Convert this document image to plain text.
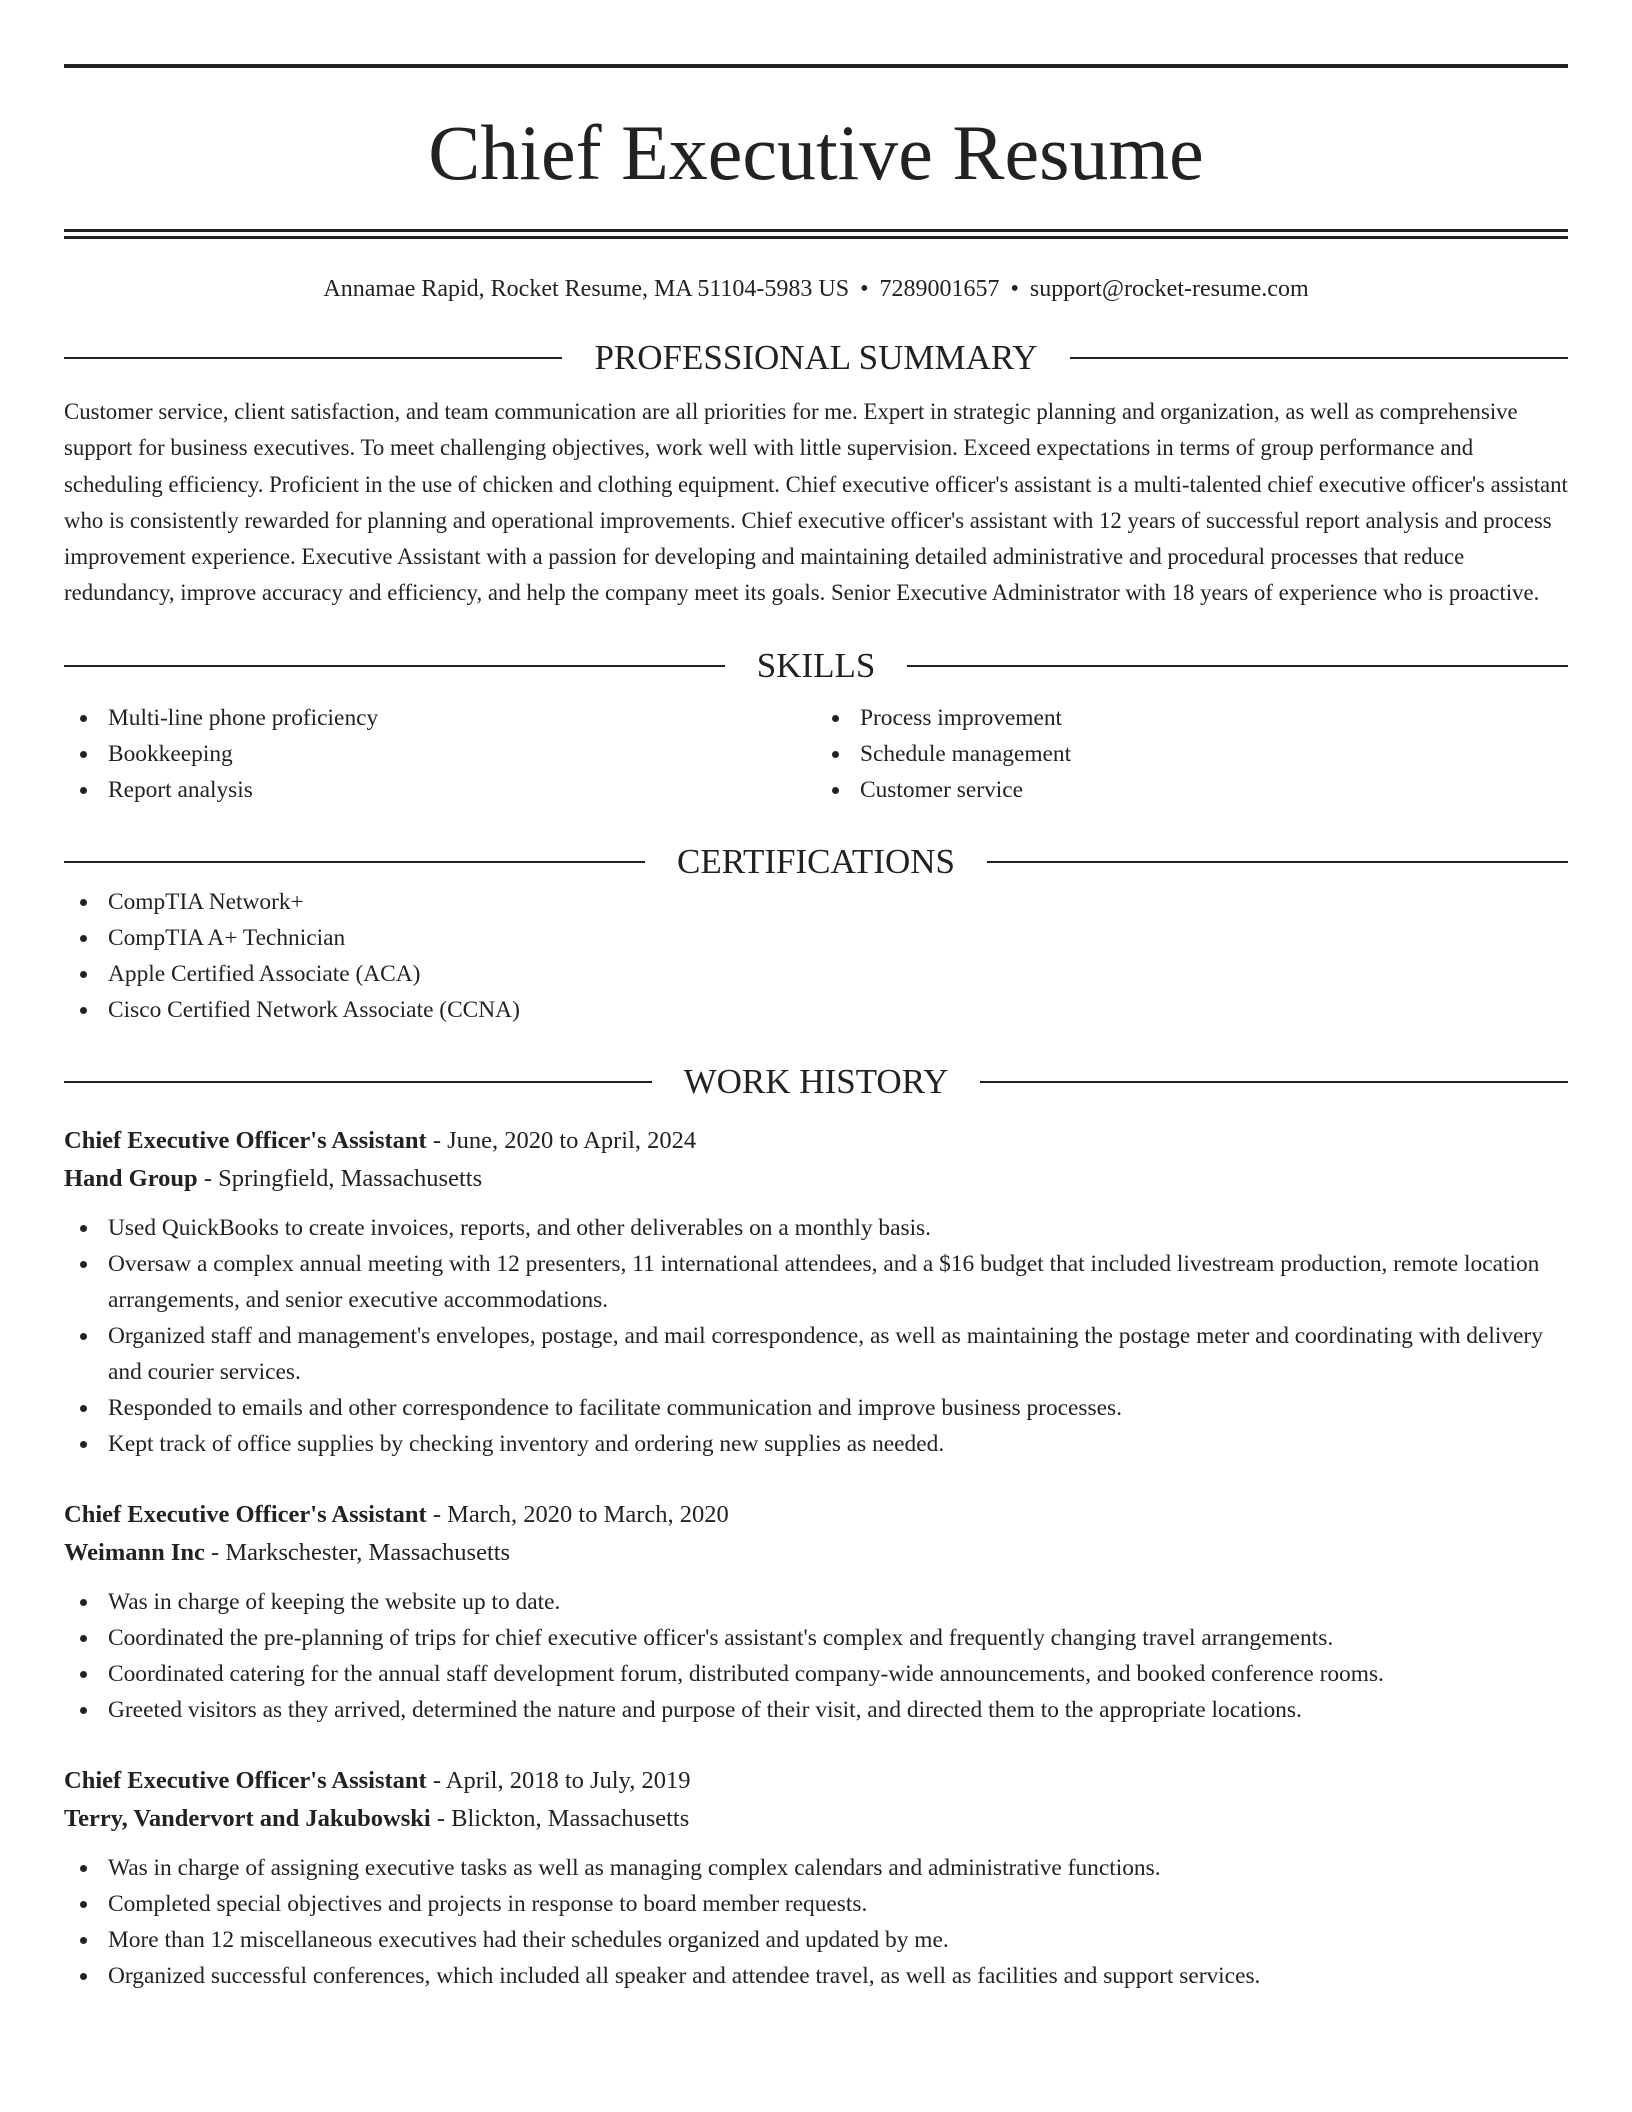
Chief Executive Resume
Annamae Rapid, Rocket Resume, MA 51104-5983 US • 7289001657 • support@rocket-resume.com
PROFESSIONAL SUMMARY

Customer service, client satisfaction, and team communication are all priorities for me. Expert in strategic planning and organization, as well as comprehensive support for business executives. To meet challenging objectives, work well with little supervision. Exceed expectations in terms of group performance and scheduling efficiency. Proficient in the use of chicken and clothing equipment. Chief executive officer's assistant is a multi-talented chief executive officer's assistant who is consistently rewarded for planning and operational improvements. Chief executive officer's assistant with 12 years of successful report analysis and process improvement experience. Executive Assistant with a passion for developing and maintaining detailed administrative and procedural processes that reduce redundancy, improve accuracy and efficiency, and help the company meet its goals. Senior Executive Administrator with 18 years of experience who is proactive.

SKILLS
Multi-line phone proficiency
Bookkeeping
Report analysis
Process improvement
Schedule management
Customer service
CERTIFICATIONS
CompTIA Network+
CompTIA A+ Technician
Apple Certified Associate (ACA)
Cisco Certified Network Associate (CCNA)
WORK HISTORY
Chief Executive Officer's Assistant - June, 2020 to April, 2024
Hand Group - Springfield, Massachusetts
Used QuickBooks to create invoices, reports, and other deliverables on a monthly basis.
Oversaw a complex annual meeting with 12 presenters, 11 international attendees, and a $16 budget that included livestream production, remote location arrangements, and senior executive accommodations.
Organized staff and management's envelopes, postage, and mail correspondence, as well as maintaining the postage meter and coordinating with delivery and courier services.
Responded to emails and other correspondence to facilitate communication and improve business processes.
Kept track of office supplies by checking inventory and ordering new supplies as needed.
Chief Executive Officer's Assistant - March, 2020 to March, 2020
Weimann Inc - Markschester, Massachusetts
Was in charge of keeping the website up to date.
Coordinated the pre-planning of trips for chief executive officer's assistant's complex and frequently changing travel arrangements.
Coordinated catering for the annual staff development forum, distributed company-wide announcements, and booked conference rooms.
Greeted visitors as they arrived, determined the nature and purpose of their visit, and directed them to the appropriate locations.
Chief Executive Officer's Assistant - April, 2018 to July, 2019
Terry, Vandervort and Jakubowski - Blickton, Massachusetts
Was in charge of assigning executive tasks as well as managing complex calendars and administrative functions.
Completed special objectives and projects in response to board member requests.
More than 12 miscellaneous executives had their schedules organized and updated by me.
Organized successful conferences, which included all speaker and attendee travel, as well as facilities and support services.
